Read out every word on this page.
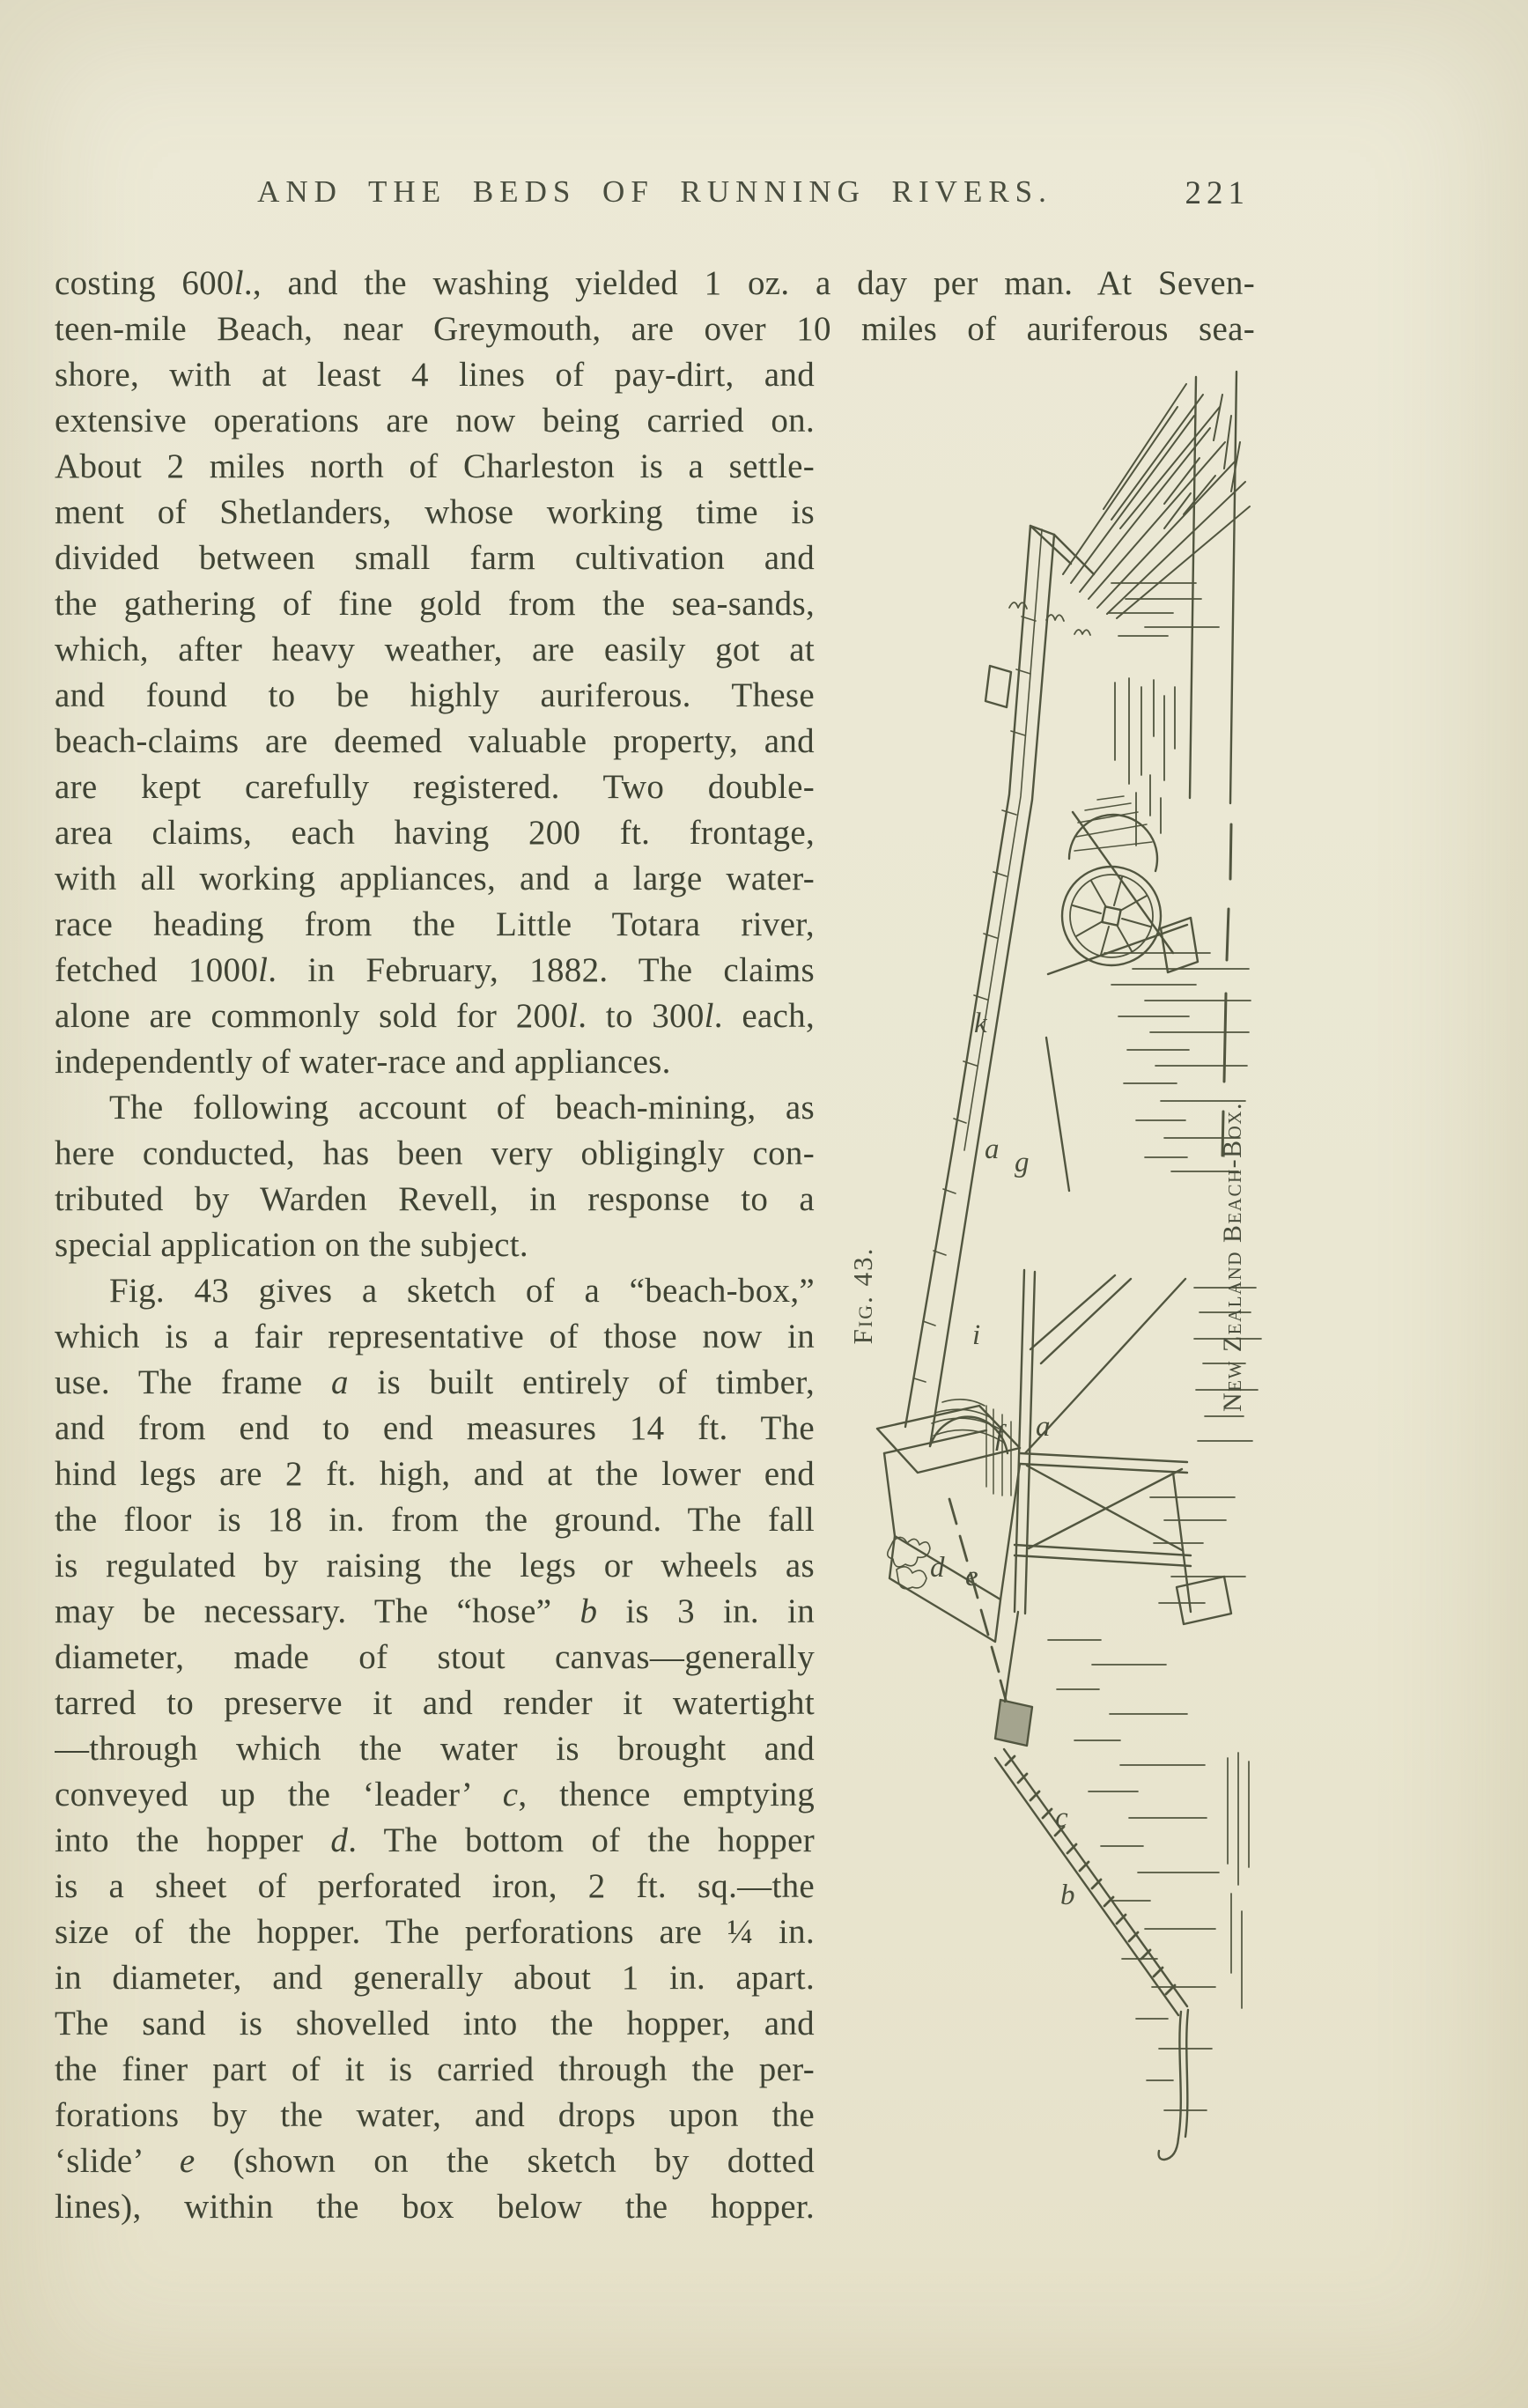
AND THE BEDS OF RUNNING RIVERS.	221
costing 600l., and the washing yielded 1 oz. a day per man. At Seven-
teen-mile Beach, near Greymouth, are over 10 miles of auriferous sea-
shore, with at least 4 lines of pay-dirt, and
extensive operations are now being carried on.
About 2 miles north of Charleston is a settle-
ment of Shetlanders, whose working time is
divided between small farm cultivation and
the gathering of fine gold from the sea-sands,
which, after heavy weather, are easily got at
and found to be highly auriferous. These
beach-claims are deemed valuable property, and
are kept carefully registered. Two double-
area claims, each having 200 ft. frontage,
with all working appliances, and a large water-
race heading from the Little Totara river,
fetched 1000l. in February, 1882. The claims
alone are commonly sold for 200l. to 300l. each,
independently of water-race and appliances.
The following account of beach-mining, as
here conducted, has been very obligingly con-
tributed by Warden Revell, in response to a
special application on the subject.
Fig. 43 gives a sketch of a “beach-box,”
which is a fair representative of those now in
use. The frame a is built entirely of timber,
and from end to end measures 14 ft. The
hind legs are 2 ft. high, and at the lower end
the floor is 18 in. from the ground. The fall
is regulated by raising the legs or wheels as
may be necessary. The “hose” b is 3 in. in
diameter, made of stout canvas—generally
tarred to preserve it and render it watertight
—through which the water is brought and
conveyed up the ‘leader’ c, thence emptying
into the hopper d. The bottom of the hopper
is a sheet of perforated iron, 2 ft. sq.—the
size of the hopper. The perforations are ¼ in.
in diameter, and generally about 1 in. apart.
The sand is shovelled into the hopper, and
the finer part of it is carried through the per-
forations by the water, and drops upon the
‘slide’ e (shown on the sketch by dotted
lines), within the box below the hopper.
k
a g
i
f a
d e
c
b
Fig. 43.	New Zealand Beach-Box.
